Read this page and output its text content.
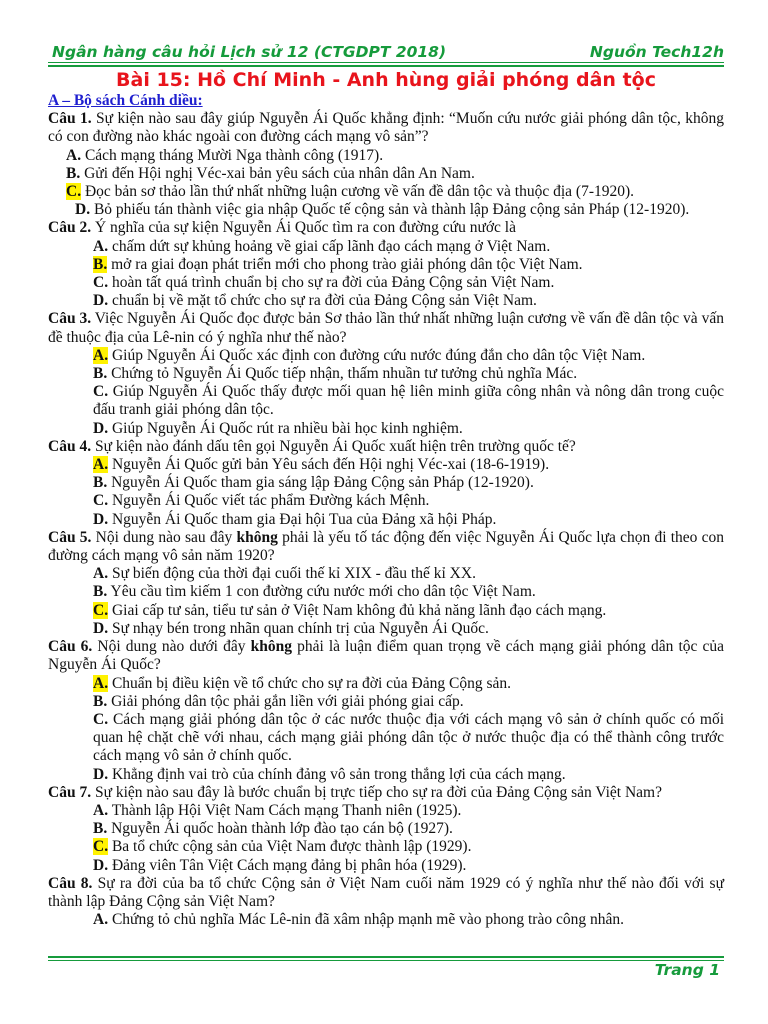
Ngân hàng câu hỏi Lịch sử 12 (CTGDPT 2018)	Nguồn Tech12h
Bài 15: Hồ Chí Minh - Anh hùng giải phóng dân tộc

A – Bộ sách Cánh diều:

Câu 1. Sự kiện nào sau đây giúp Nguyễn Ái Quốc khẳng định: “Muốn cứu nước giải phóng dân tộc, không có con đường nào khác ngoài con đường cách mạng vô sản”?

A. Cách mạng tháng Mười Nga thành công (1917).

B. Gửi đến Hội nghị Véc-xai bản yêu sách của nhân dân An Nam.

C. Đọc bản sơ thảo lần thứ nhất những luận cương về vấn đề dân tộc và thuộc địa (7-1920).

D. Bỏ phiếu tán thành việc gia nhập Quốc tế cộng sản và thành lập Đảng cộng sản Pháp (12-1920).

Câu 2. Ý nghĩa của sự kiện Nguyễn Ái Quốc tìm ra con đường cứu nước là

A. chấm dứt sự khủng hoảng về giai cấp lãnh đạo cách mạng ở Việt Nam.

B. mở ra giai đoạn phát triển mới cho phong trào giải phóng dân tộc Việt Nam.

C. hoàn tất quá trình chuẩn bị cho sự ra đời của Đảng Cộng sản Việt Nam.

D. chuẩn bị về mặt tổ chức cho sự ra đời của Đảng Cộng sản Việt Nam.

Câu 3. Việc Nguyễn Ái Quốc đọc được bản Sơ thảo lần thứ nhất những luận cương về vấn đề dân tộc và vấn đề thuộc địa của Lê-nin có ý nghĩa như thế nào?

A. Giúp Nguyễn Ái Quốc xác định con đường cứu nước đúng đắn cho dân tộc Việt Nam.

B. Chứng tỏ Nguyễn Ái Quốc tiếp nhận, thấm nhuần tư tưởng chủ nghĩa Mác.

C. Giúp Nguyễn Ái Quốc thấy được mối quan hệ liên minh giữa công nhân và nông dân trong cuộc đấu tranh giải phóng dân tộc.

D. Giúp Nguyễn Ái Quốc rút ra nhiều bài học kinh nghiệm.

Câu 4. Sự kiện nào đánh dấu tên gọi Nguyễn Ái Quốc xuất hiện trên trường quốc tế?

A. Nguyễn Ái Quốc gửi bản Yêu sách đến Hội nghị Véc-xai (18-6-1919).

B. Nguyễn Ái Quốc tham gia sáng lập Đảng Cộng sản Pháp (12-1920).

C. Nguyễn Ái Quốc viết tác phẩm Đường kách Mệnh.

D. Nguyễn Ái Quốc tham gia Đại hội Tua của Đảng xã hội Pháp.

Câu 5. Nội dung nào sau đây không phải là yếu tố tác động đến việc Nguyễn Ái Quốc lựa chọn đi theo con đường cách mạng vô sản năm 1920?

A. Sự biến động của thời đại cuối thế kỉ XIX - đầu thế kỉ XX.

B. Yêu cầu tìm kiếm 1 con đường cứu nước mới cho dân tộc Việt Nam.

C. Giai cấp tư sản, tiểu tư sản ở Việt Nam không đủ khả năng lãnh đạo cách mạng.

D. Sự nhạy bén trong nhãn quan chính trị của Nguyễn Ái Quốc.

Câu 6. Nội dung nào dưới đây không phải là luận điểm quan trọng về cách mạng giải phóng dân tộc của Nguyễn Ái Quốc?

A. Chuẩn bị điều kiện về tổ chức cho sự ra đời của Đảng Cộng sản.

B. Giải phóng dân tộc phải gắn liền với giải phóng giai cấp.

C. Cách mạng giải phóng dân tộc ở các nước thuộc địa với cách mạng vô sản ở chính quốc có mối quan hệ chặt chẽ với nhau, cách mạng giải phóng dân tộc ở nước thuộc địa có thể thành công trước cách mạng vô sản ở chính quốc.

D. Khẳng định vai trò của chính đảng vô sản trong thắng lợi của cách mạng.

Câu 7. Sự kiện nào sau đây là bước chuẩn bị trực tiếp cho sự ra đời của Đảng Cộng sản Việt Nam?

A. Thành lập Hội Việt Nam Cách mạng Thanh niên (1925).

B. Nguyễn Ái quốc hoàn thành lớp đào tạo cán bộ (1927).

C. Ba tổ chức cộng sản của Việt Nam được thành lập (1929).

D. Đảng viên Tân Việt Cách mạng đảng bị phân hóa (1929).

Câu 8. Sự ra đời của ba tổ chức Cộng sản ở Việt Nam cuối năm 1929 có ý nghĩa như thế nào đối với sự thành lập Đảng Cộng sản Việt Nam?

A. Chứng tỏ chủ nghĩa Mác Lê-nin đã xâm nhập mạnh mẽ vào phong trào công nhân.

Trang 1
